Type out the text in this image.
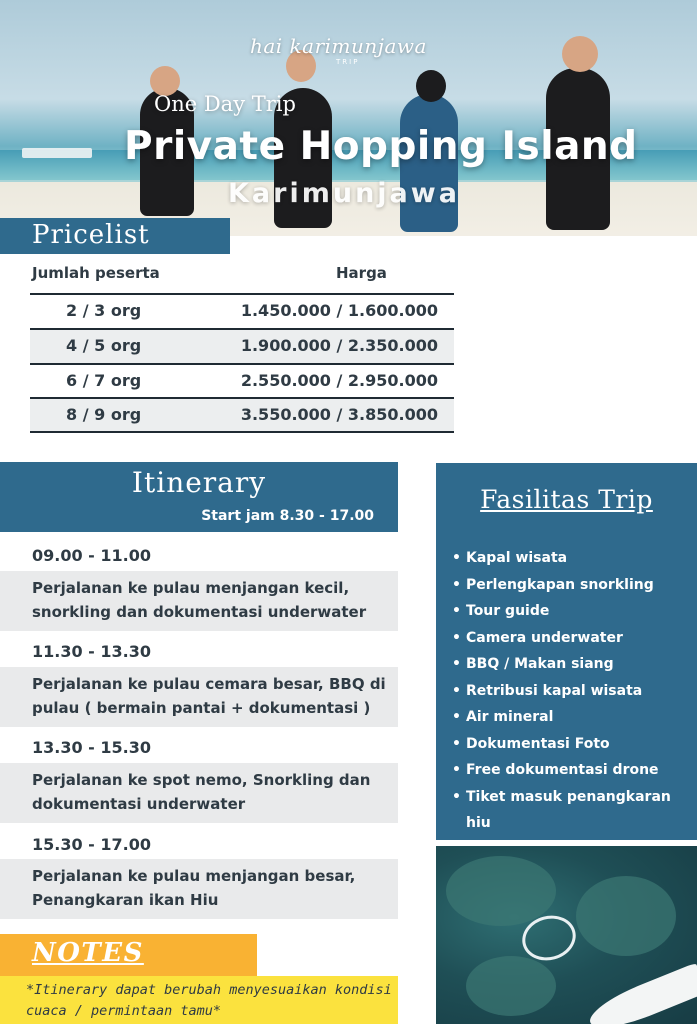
hai karimunjawa
TRIP
One Day Trip
Private Hopping Island
Karimunjawa
Pricelist
Jumlah peserta	Harga
2 / 3 org	1.450.000 / 1.600.000
4 / 5 org	1.900.000 / 2.350.000
6 / 7 org	2.550.000 / 2.950.000
8 / 9 org	3.550.000 / 3.850.000
Itinerary
Start jam 8.30 - 17.00
09.00 - 11.00
Perjalanan ke pulau menjangan kecil, snorkling dan dokumentasi underwater
11.30 - 13.30
Perjalanan ke pulau cemara besar, BBQ di pulau ( bermain pantai + dokumentasi )
13.30 - 15.30
Perjalanan ke spot nemo, Snorkling dan dokumentasi underwater
15.30 - 17.00
Perjalanan ke pulau menjangan besar, Penangkaran ikan Hiu
NOTES
*Itinerary dapat berubah menyesuaikan kondisi cuaca / permintaan tamu*
Fasilitas Trip
• Kapal wisata
• Perlengkapan snorkling
• Tour guide
• Camera underwater
• BBQ / Makan siang
• Retribusi kapal wisata
• Air mineral
• Dokumentasi Foto
• Free dokumentasi drone
• Tiket masuk penangkaran hiu
